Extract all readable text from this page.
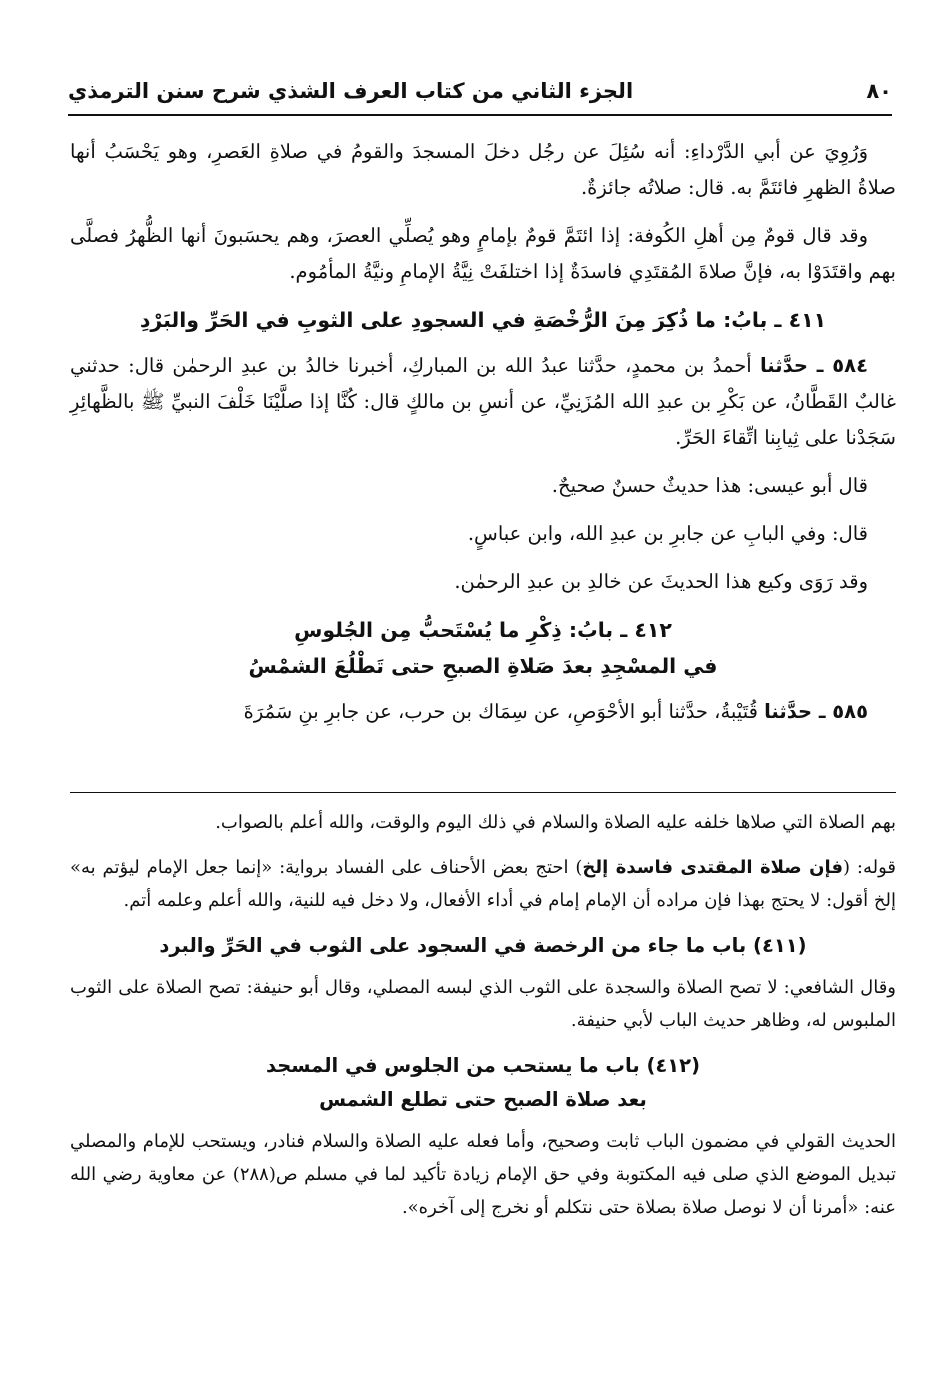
٨٠
الجزء الثاني من كتاب العرف الشذي شرح سنن الترمذي

وَرُوِيَ عن أبي الدَّرْداءِ: أنه سُئِلَ عن رجُل دخلَ المسجدَ والقومُ في صلاةِ العَصرِ، وهو يَحْسَبُ أنها صلاةُ الظهرِ فائتَمَّ به. قال: صلاتُه جائزةٌ.

وقد قال قومٌ مِن أهلِ الكُوفة: إذا ائتَمَّ قومٌ بإمامٍ وهو يُصلِّي العصرَ، وهم يحسَبونَ أنها الظُّهرُ فصلَّى بهم واقتَدَوْا به، فإنَّ صلاةَ المُقتَدِي فاسدَةٌ إذا اختلفَتْ نِيَّةُ الإمامِ ونيَّةُ المأمُوم.

٤١١ ـ بابُ: ما ذُكِرَ مِنَ الرُّخْصَةِ في السجودِ على الثوبِ في الحَرِّ والبَرْدِ

٥٨٤ ـ حدَّثنا أحمدُ بن محمدٍ، حدَّثنا عبدُ الله بن المباركِ، أخبرنا خالدُ بن عبدِ الرحمٰن قال: حدثني غالبٌ القَطَّانُ، عن بَكْرِ بن عبدِ الله المُزَنِيِّ، عن أنسِ بن مالكٍ قال: كُنَّا إذا صلَّيْنَا خَلْفَ النبيِّ ﷺ بالظَّهائِرِ سَجَدْنا على ثِيابِنا اتِّقاءَ الحَرِّ.

قال أبو عيسى: هذا حديثٌ حسنٌ صحيحٌ.

قال: وفي البابِ عن جابرِ بن عبدِ الله، وابن عباسٍ.

وقد رَوَى وكيع هذا الحديثَ عن خالدِ بن عبدِ الرحمٰن.

٤١٢ ـ بابُ: ذِكْرِ ما يُسْتَحبُّ مِن الجُلوسِ
في المسْجِدِ بعدَ صَلاةِ الصبحِ حتى تَطْلُعَ الشمْسُ

٥٨٥ ـ حدَّثنا قُتَيْبةُ، حدَّثنا أبو الأحْوَصِ، عن سِمَاك بن حرب، عن جابرِ بنِ سَمُرَةَ

بهم الصلاة التي صلاها خلفه عليه الصلاة والسلام في ذلك اليوم والوقت، والله أعلم بالصواب.

قوله: (فإن صلاة المقتدى فاسدة إلخ) احتج بعض الأحناف على الفساد برواية: «إنما جعل الإمام ليؤتم به» إلخ أقول: لا يحتج بهذا فإن مراده أن الإمام إمام في أداء الأفعال، ولا دخل فيه للنية، والله أعلم وعلمه أتم.

(٤١١) باب ما جاء من الرخصة في السجود على الثوب في الحَرِّ والبرد

وقال الشافعي: لا تصح الصلاة والسجدة على الثوب الذي لبسه المصلي، وقال أبو حنيفة: تصح الصلاة على الثوب الملبوس له، وظاهر حديث الباب لأبي حنيفة.

(٤١٢) باب ما يستحب من الجلوس في المسجد
بعد صلاة الصبح حتى تطلع الشمس

الحديث القولي في مضمون الباب ثابت وصحيح، وأما فعله عليه الصلاة والسلام فنادر، ويستحب للإمام والمصلي تبديل الموضع الذي صلى فيه المكتوبة وفي حق الإمام زيادة تأكيد لما في مسلم ص(٢٨٨) عن معاوية رضي الله عنه: «أمرنا أن لا نوصل صلاة بصلاة حتى نتكلم أو نخرج إلى آخره».
